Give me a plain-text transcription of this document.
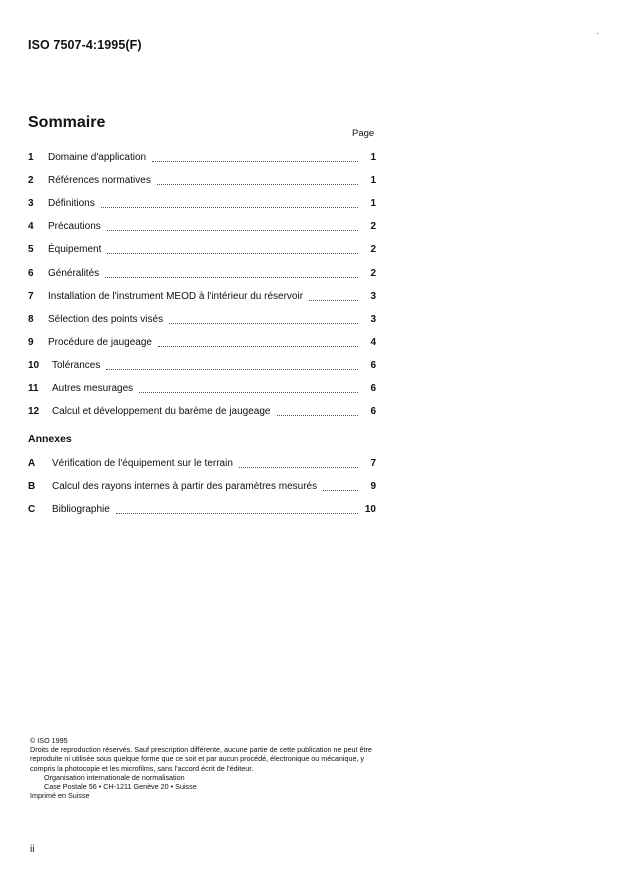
ISO 7507-4:1995(F)
Sommaire
Page
1	Domaine d'application	1
2	Références normatives	1
3	Définitions	1
4	Précautions	2
5	Équipement	2
6	Généralités	2
7	Installation de l'instrument MEOD à l'intérieur du réservoir	3
8	Sélection des points visés	3
9	Procédure de jaugeage	4
10	Tolérances	6
11	Autres mesurages	6
12	Calcul et développement du barème de jaugeage	6
Annexes
A	Vérification de l'équipement sur le terrain	7
B	Calcul des rayons internes à partir des paramètres mesurés	9
C	Bibliographie	10

© ISO 1995

Droits de reproduction réservés. Sauf prescription différente, aucune partie de cette publication ne peut être reproduite ni utilisée sous quelque forme que ce soit et par aucun procédé, électronique ou mécanique, y compris la photocopie et les microfilms, sans l'accord écrit de l'éditeur.

Organisation internationale de normalisation

Case Postale 56 • CH-1211 Genève 20 • Suisse

Imprimé en Suisse

ii
